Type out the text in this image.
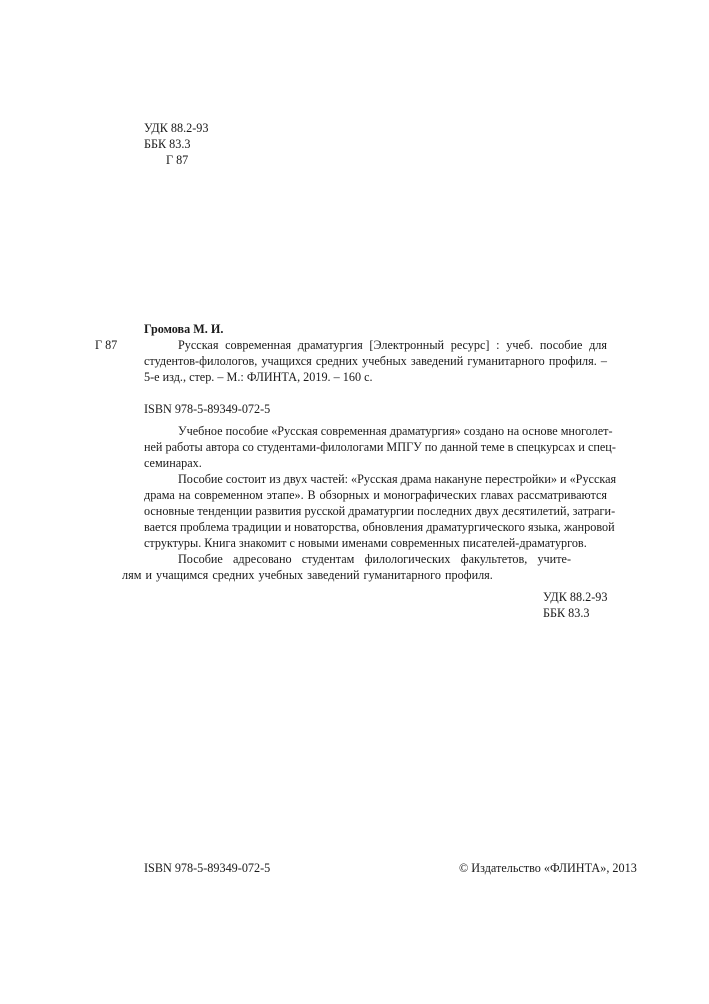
УДК 88.2-93
ББК 83.3
Г 87
Громова М. И.
Г 87	Русская современная драматургия [Электронный ресурс] : учеб. пособие для
студентов-филологов, учащихся средних учебных заведений гуманитарного профиля. –
5-е изд., стер. – М.: ФЛИНТА, 2019. – 160 с.
ISBN 978-5-89349-072-5
Учебное пособие «Русская современная драматургия» создано на основе многолет-
ней работы автора со студентами-филологами МПГУ по данной теме в спецкурсах и спец-
семинарах.
Пособие состоит из двух частей: «Русская драма накануне перестройки» и «Русская
драма на современном этапе». В обзорных и монографических главах рассматриваются
основные тенденции развития русской драматургии последних двух десятилетий, затраги-
вается проблема традиции и новаторства, обновления драматургического языка, жанровой
структуры. Книга знакомит с новыми именами современных писателей-драматургов.
Пособие адресовано студентам филологических факультетов, учите-
лям и учащимся средних учебных заведений гуманитарного профиля.
УДК 88.2-93
ББК 83.3
ISBN 978-5-89349-072-5	© Издательство «ФЛИНТА», 2013
